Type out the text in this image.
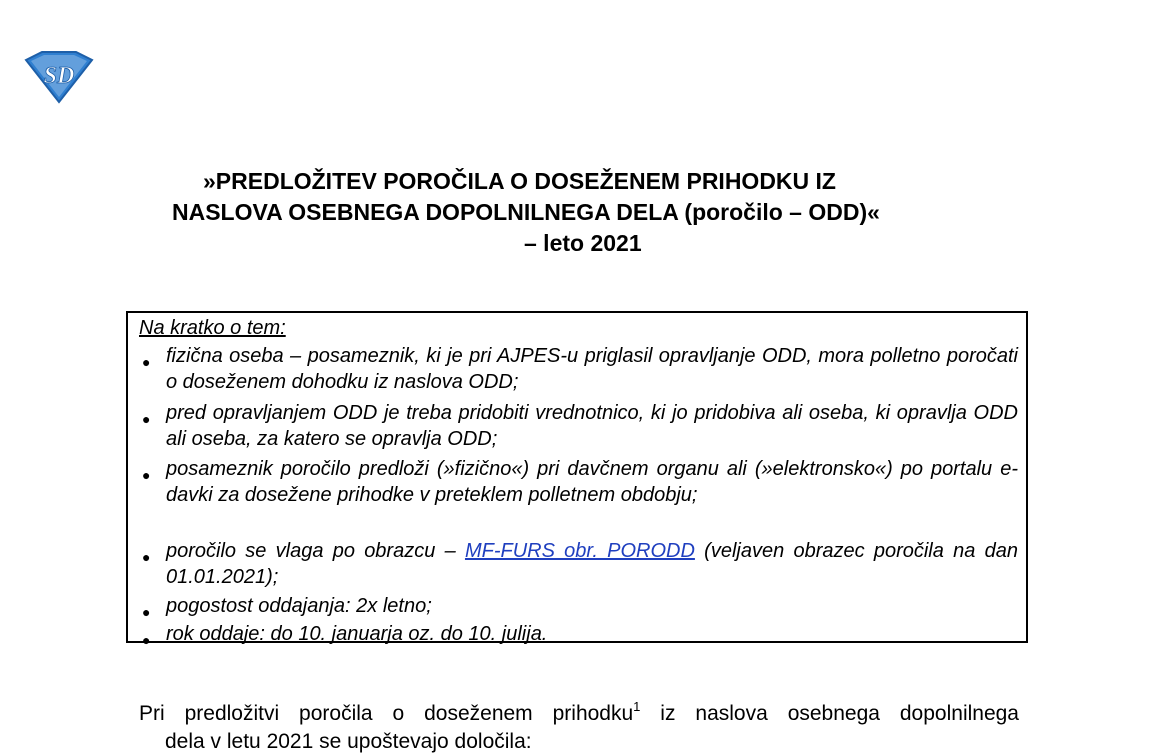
SD
»PREDLOŽITEV POROČILA O DOSEŽENEM PRIHODKU IZ
NASLOVA OSEBNEGA DOPOLNILNEGA DELA (poročilo – ODD)«
– leto 2021
Na kratko o tem:
● fizična oseba – posameznik, ki je pri AJPES-u priglasil opravljanje ODD, mora polletno poročati o doseženem dohodku iz naslova ODD;
● pred opravljanjem ODD je treba pridobiti vrednotnico, ki jo pridobiva ali oseba, ki opravlja ODD ali oseba, za katero se opravlja ODD;
● posameznik poročilo predloži (»fizično«) pri davčnem organu ali (»elektronsko«) po portalu e-davki za dosežene prihodke v preteklem polletnem obdobju;
● poročilo se vlaga po obrazcu – MF-FURS obr. PORODD (veljaven obrazec poročila na dan 01.01.2021);
● pogostost oddajanja: 2x letno;
● rok oddaje: do 10. januarja oz. do 10. julija.
Pri predložitvi poročila o doseženem prihodku$^1$ iz naslova osebnega dopolnilnega
dela v letu 2021 se upoštevajo določila:
